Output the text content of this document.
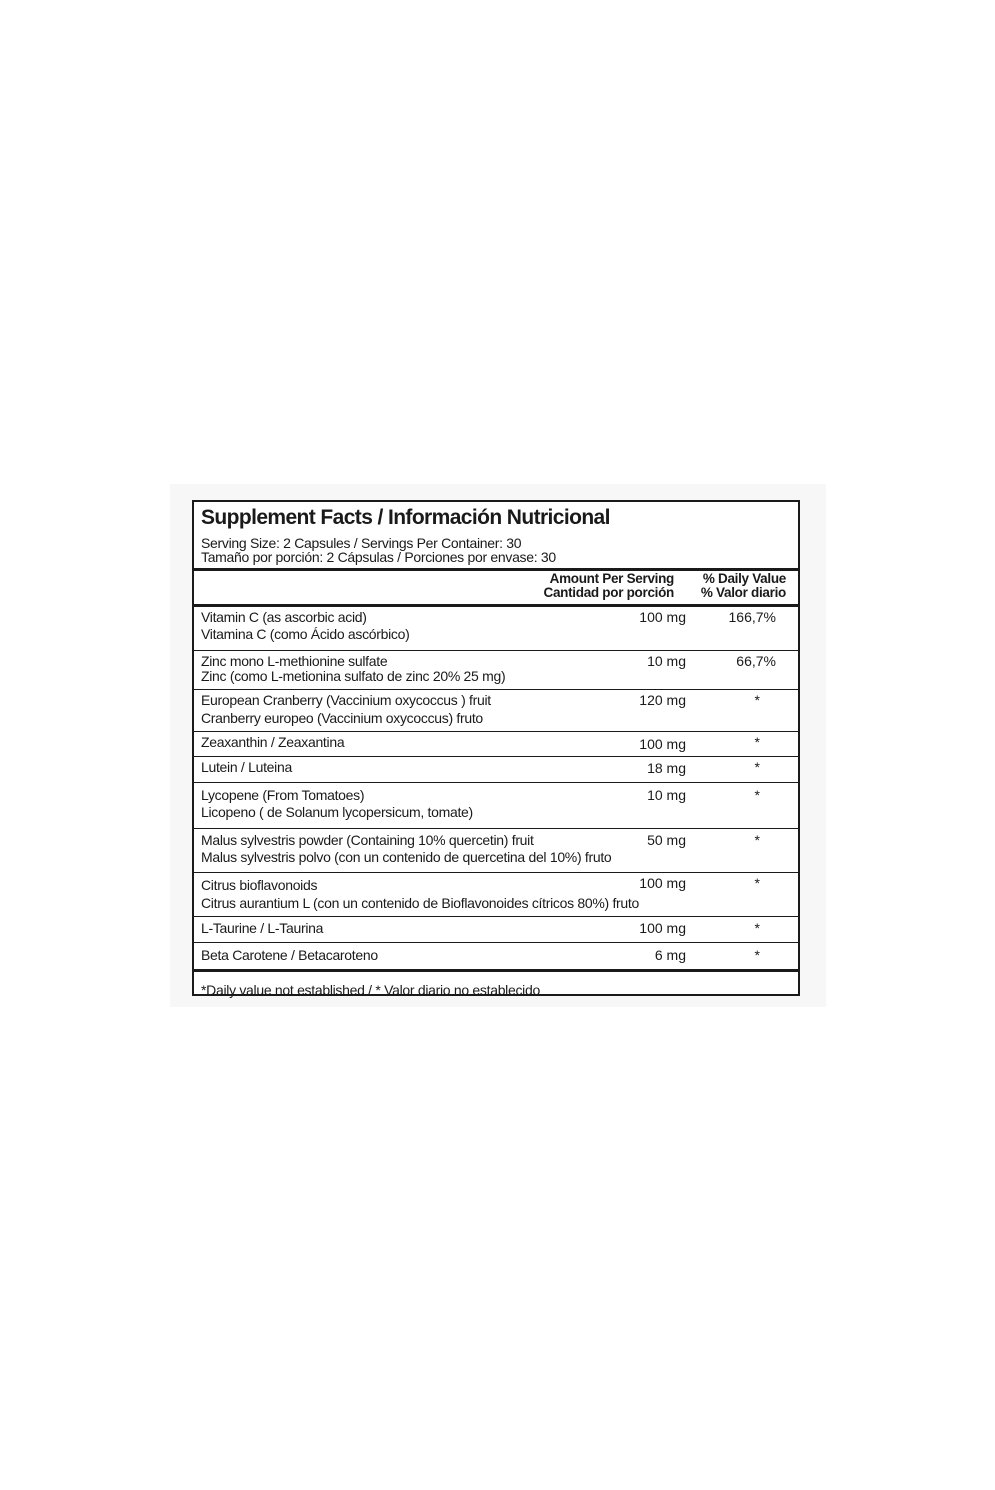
Supplement Facts / Información Nutricional
Serving Size: 2 Capsules / Servings Per Container: 30
Tamaño por porción: 2 Cápsulas / Porciones por envase: 30
Amount Per Serving
Cantidad por porción
% Daily Value
% Valor diario
Vitamin C (as ascorbic acid)
Vitamina C (como Ácido ascórbico)
100 mg	166,7%
Zinc mono L-methionine sulfate
Zinc (como L-metionina sulfato de zinc 20% 25 mg)
10 mg	66,7%
European Cranberry (Vaccinium oxycoccus ) fruit
Cranberry europeo (Vaccinium oxycoccus) fruto
120 mg	*
Zeaxanthin / Zeaxantina	100 mg	*
Lutein / Luteina	18 mg	*
Lycopene (From Tomatoes)
Licopeno ( de Solanum lycopersicum, tomate)
10 mg	*
Malus sylvestris powder (Containing 10% quercetin) fruit
Malus sylvestris polvo (con un contenido de quercetina del 10%) fruto
50 mg	*
Citrus bioflavonoids
Citrus aurantium L (con un contenido de Bioflavonoides cítricos 80%) fruto
100 mg	*
L-Taurine / L-Taurina	100 mg	*
Beta Carotene / Betacaroteno	6 mg	*
*Daily value not established / * Valor diario no establecido
